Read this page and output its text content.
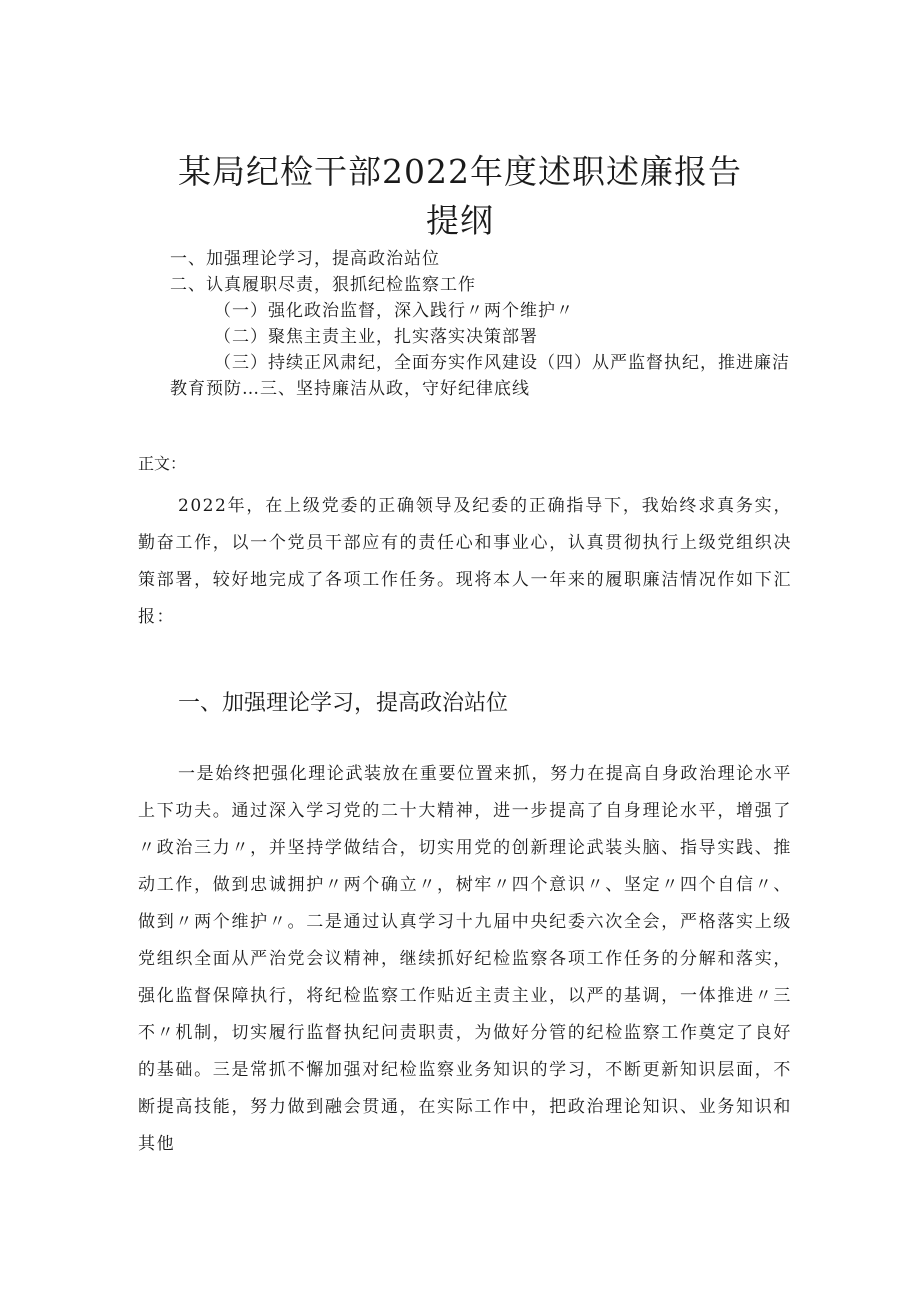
某局纪检干部2022年度述职述廉报告
提纲
一、加强理论学习，提高政治站位
二、认真履职尽责，狠抓纪检监察工作
（一）强化政治监督，深入践行〃两个维护〃
（二）聚焦主责主业，扎实落实决策部署
（三）持续正风肃纪，全面夯实作风建设（四）从严监督执纪，推进廉洁教育预防…三、坚持廉洁从政，守好纪律底线
正文：

2022年，在上级党委的正确领导及纪委的正确指导下，我始终求真务实，勤奋工作，以一个党员干部应有的责任心和事业心，认真贯彻执行上级党组织决策部署，较好地完成了各项工作任务。现将本人一年来的履职廉洁情况作如下汇报：

一、加强理论学习，提高政治站位

一是始终把强化理论武装放在重要位置来抓，努力在提高自身政治理论水平上下功夫。通过深入学习党的二十大精神，进一步提高了自身理论水平，增强了〃政治三力〃，并坚持学做结合，切实用党的创新理论武装头脑、指导实践、推动工作，做到忠诚拥护〃两个确立〃，树牢〃四个意识〃、坚定〃四个自信〃、做到〃两个维护〃。二是通过认真学习十九届中央纪委六次全会，严格落实上级党组织全面从严治党会议精神，继续抓好纪检监察各项工作任务的分解和落实，强化监督保障执行，将纪检监察工作贴近主责主业，以严的基调，一体推进〃三不〃机制，切实履行监督执纪问责职责，为做好分管的纪检监察工作奠定了良好的基础。三是常抓不懈加强对纪检监察业务知识的学习，不断更新知识层面，不断提高技能，努力做到融会贯通，在实际工作中，把政治理论知识、业务知识和其他
